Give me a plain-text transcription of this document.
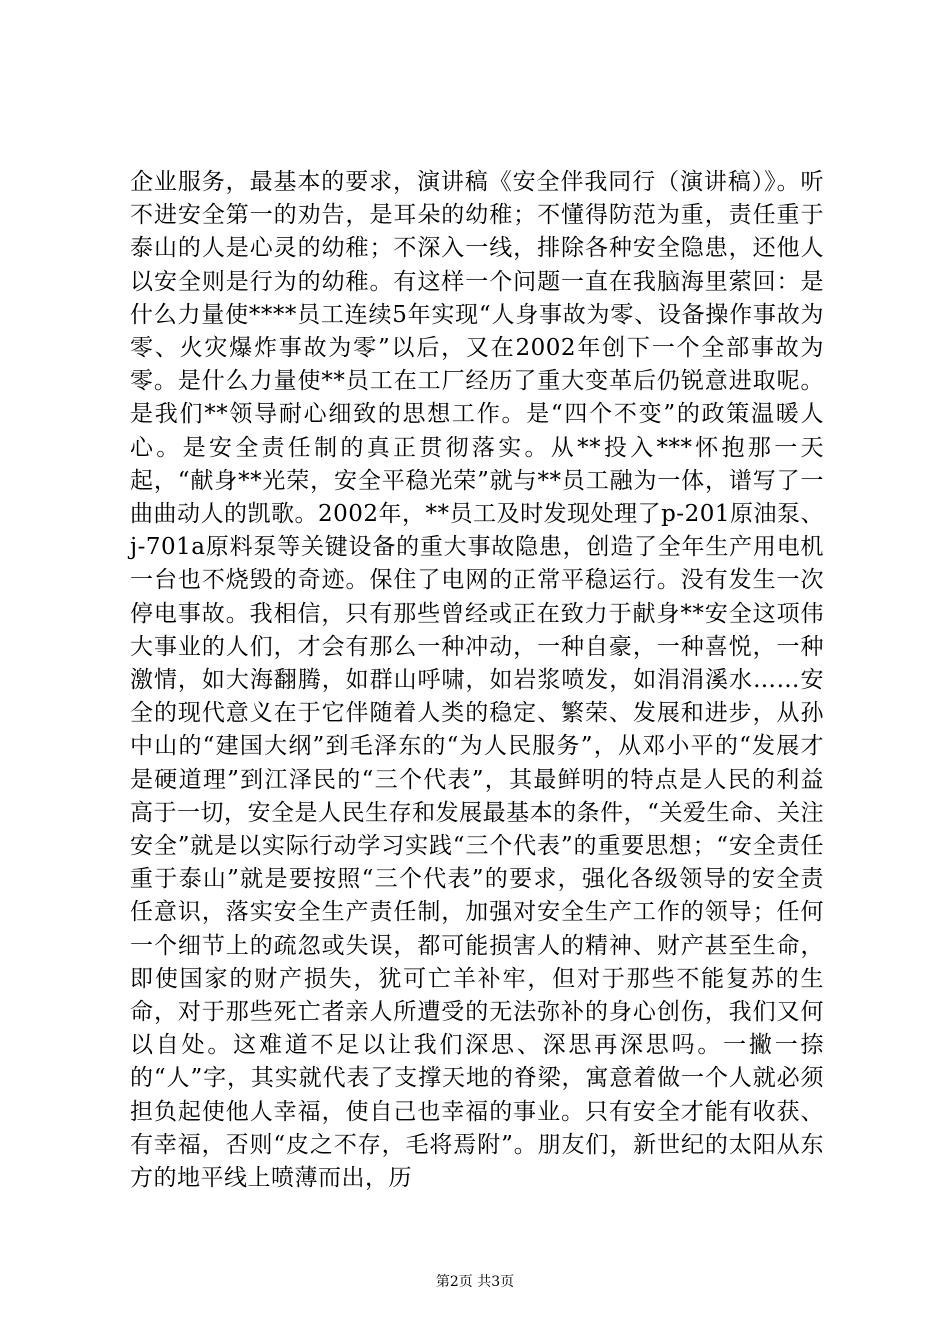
企业服务，最基本的要求，演讲稿《安全伴我同行（演讲稿）》。听不进安全第一的劝告，是耳朵的幼稚；不懂得防范为重，责任重于泰山的人是心灵的幼稚；不深入一线，排除各种安全隐患，还他人以安全则是行为的幼稚。有这样一个问题一直在我脑海里萦回：是什么力量使****员工连续5年实现“人身事故为零、设备操作事故为零、火灾爆炸事故为零”以后，又在2002年创下一个全部事故为零。是什么力量使**员工在工厂经历了重大变革后仍锐意进取呢。是我们**领导耐心细致的思想工作。是“四个不变”的政策温暖人心。是安全责任制的真正贯彻落实。从**投入***怀抱那一天起，“献身**光荣，安全平稳光荣”就与**员工融为一体，谱写了一曲曲动人的凯歌。2002年，**员工及时发现处理了p-201原油泵、j-701a原料泵等关键设备的重大事故隐患，创造了全年生产用电机一台也不烧毁的奇迹。保住了电网的正常平稳运行。没有发生一次停电事故。我相信，只有那些曾经或正在致力于献身**安全这项伟大事业的人们，才会有那么一种冲动，一种自豪，一种喜悦，一种激情，如大海翻腾，如群山呼啸，如岩浆喷发，如涓涓溪水……安全的现代意义在于它伴随着人类的稳定、繁荣、发展和进步，从孙中山的“建国大纲”到毛泽东的“为人民服务”，从邓小平的“发展才是硬道理”到江泽民的“三个代表”，其最鲜明的特点是人民的利益高于一切，安全是人民生存和发展最基本的条件，“关爱生命、关注安全”就是以实际行动学习实践“三个代表”的重要思想；“安全责任重于泰山”就是要按照“三个代表”的要求，强化各级领导的安全责任意识，落实安全生产责任制，加强对安全生产工作的领导；任何一个细节上的疏忽或失误，都可能损害人的精神、财产甚至生命，即使国家的财产损失，犹可亡羊补牢，但对于那些不能复苏的生命，对于那些死亡者亲人所遭受的无法弥补的身心创伤，我们又何以自处。这难道不足以让我们深思、深思再深思吗。一撇一捺的“人”字，其实就代表了支撑天地的脊梁，寓意着做一个人就必须担负起使他人幸福，使自己也幸福的事业。只有安全才能有收获、有幸福，否则“皮之不存，毛将焉附”。朋友们，新世纪的太阳从东方的地平线上喷薄而出，历

第2页 共3页
